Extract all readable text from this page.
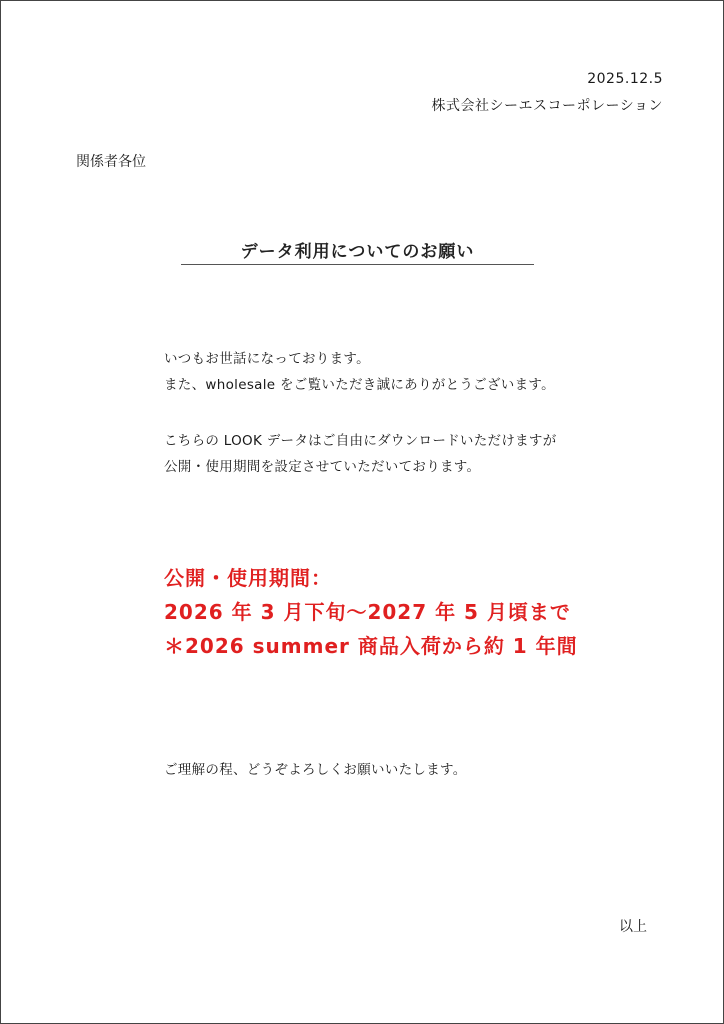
2025.12.5
株式会社シーエスコーポレーション
関係者各位
データ利用についてのお願い
いつもお世話になっております。
また、wholesale をご覧いただき誠にありがとうございます。
こちらの LOOK データはご自由にダウンロードいただけますが
公開・使用期間を設定させていただいております。
公開・使用期間：
2026 年 3 月下旬〜2027 年 5 月頃まで
＊2026 summer 商品入荷から約 1 年間
ご理解の程、どうぞよろしくお願いいたします。
以上
